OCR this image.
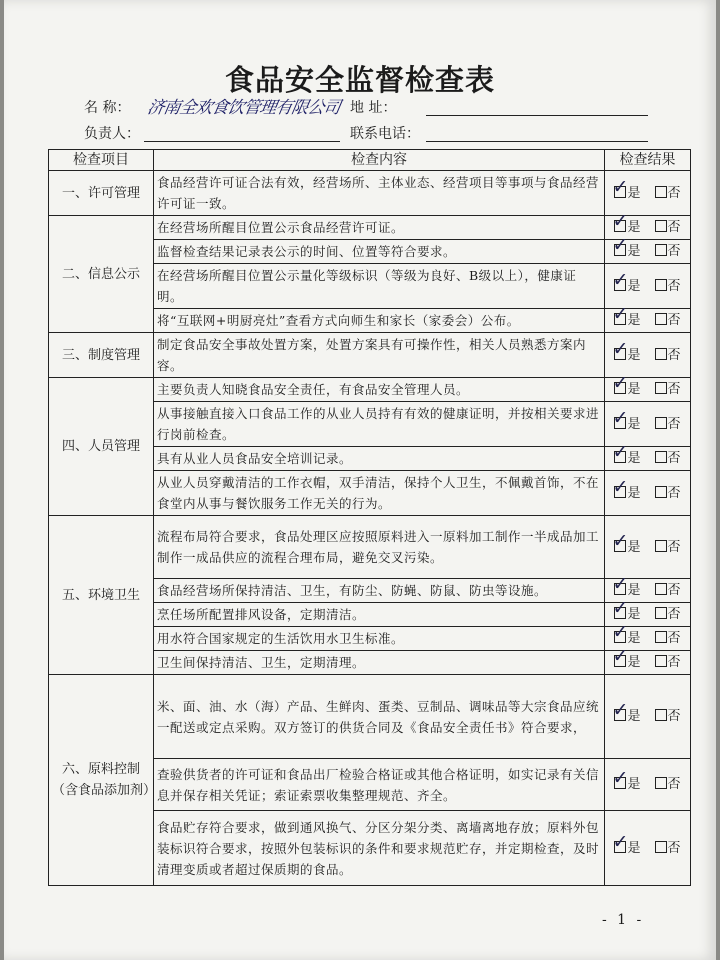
食品安全监督检查表
名 称： 济南全欢食饮管理有限公司 地 址：
负责人：	联系电话：
检查项目	检查内容	检查结果
一、许可管理	食品经营许可证合法有效，经营场所、主体业态、经营项目等事项与食品经营许可证一致。	✓ 是 否
二、信息公示	在经营场所醒目位置公示食品经营许可证。	✓ 是 否
	监督检查结果记录表公示的时间、位置等符合要求。	✓ 是 否
	在经营场所醒目位置公示量化等级标识（等级为良好、B级以上），健康证明。	✓ 是 否
	将“互联网+明厨亮灶”查看方式向师生和家长（家委会）公布。	✓ 是 否
三、制度管理	制定食品安全事故处置方案，处置方案具有可操作性，相关人员熟悉方案内容。	✓ 是 否
四、人员管理	主要负责人知晓食品安全责任，有食品安全管理人员。	✓ 是 否
	从事接触直接入口食品工作的从业人员持有有效的健康证明，并按相关要求进行岗前检查。	✓ 是 否
	具有从业人员食品安全培训记录。	✓ 是 否
	从业人员穿戴清洁的工作衣帽，双手清洁，保持个人卫生，不佩戴首饰，不在食堂内从事与餐饮服务工作无关的行为。	✓ 是 否
五、环境卫生	流程布局符合要求，食品处理区应按照原料进入一原料加工制作一半成品加工制作一成品供应的流程合理布局，避免交叉污染。	✓ 是 否
	食品经营场所保持清洁、卫生，有防尘、防蝇、防鼠、防虫等设施。	✓ 是 否
	烹任场所配置排风设备，定期清洁。	✓ 是 否
	用水符合国家规定的生活饮用水卫生标准。	✓ 是 否
	卫生间保持清洁、卫生，定期清理。	✓ 是 否
六、原料控制（含食品添加剂）	米、面、油、水（海）产品、生鲜肉、蛋类、豆制品、调味品等大宗食品应统一配送或定点采购。双方签订的供货合同及《食品安全责任书》符合要求，	✓ 是 否
	查验供货者的许可证和食品出厂检验合格证或其他合格证明，如实记录有关信息并保存相关凭证；索证索票收集整理规范、齐全。	✓ 是 否
	食品贮存符合要求，做到通风换气、分区分架分类、离墙离地存放；原料外包装标识符合要求，按照外包装标识的条件和要求规范贮存，并定期检查，及时清理变质或者超过保质期的食品。	✓ 是 否
- 1 -
